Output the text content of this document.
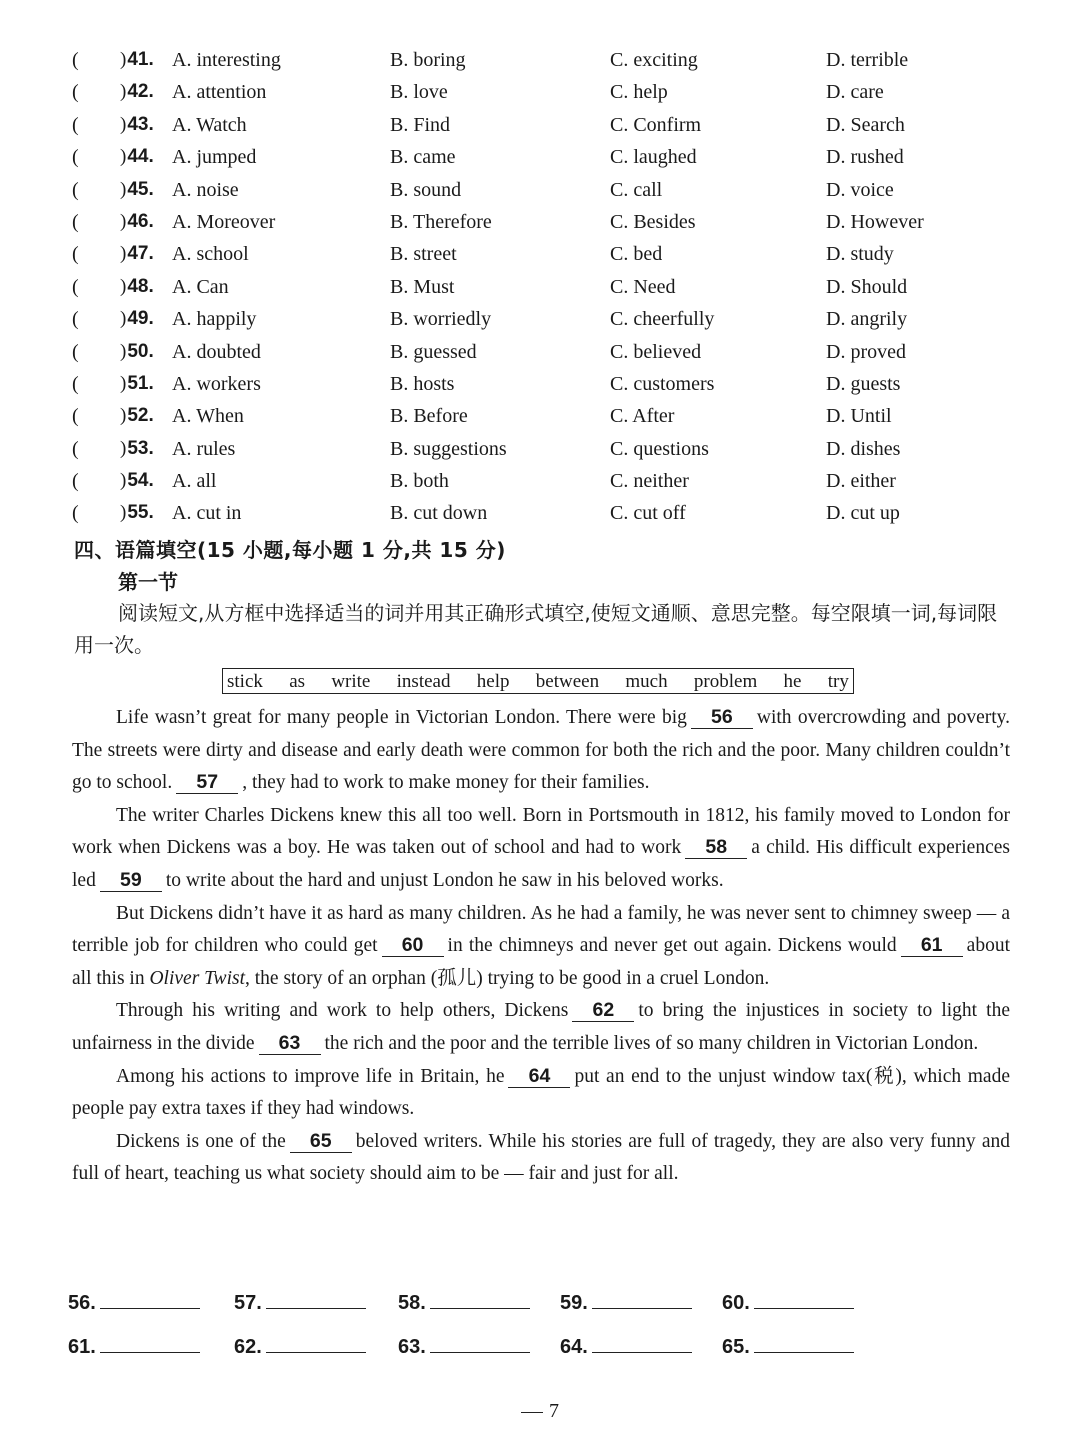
(	) 41. A. interesting	B. boring	C. exciting	D. terrible
(	) 42. A. attention	B. love	C. help	D. care
(	) 43. A. Watch	B. Find	C. Confirm	D. Search
(	) 44. A. jumped	B. came	C. laughed	D. rushed
(	) 45. A. noise	B. sound	C. call	D. voice
(	) 46. A. Moreover	B. Therefore	C. Besides	D. However
(	) 47. A. school	B. street	C. bed	D. study
(	) 48. A. Can	B. Must	C. Need	D. Should
(	) 49. A. happily	B. worriedly	C. cheerfully	D. angrily
(	) 50. A. doubted	B. guessed	C. believed	D. proved
(	) 51. A. workers	B. hosts	C. customers	D. guests
(	) 52. A. When	B. Before	C. After	D. Until
(	) 53. A. rules	B. suggestions	C. questions	D. dishes
(	) 54. A. all	B. both	C. neither	D. either
(	) 55. A. cut in	B. cut down	C. cut off	D. cut up
四、语篇填空(15 小题,每小题 1 分,共 15 分)
第一节
阅读短文,从方框中选择适当的词并用其正确形式填空,使短文通顺、意思完整。每空限填一词,每词限用一次。
stick as write instead help between much problem he try

Life wasn’t great for many people in Victorian London. There were big 56 with overcrowding and poverty. The streets were dirty and disease and early death were common for both the rich and the poor. Many children couldn’t go to school. 57 , they had to work to make money for their families.

The writer Charles Dickens knew this all too well. Born in Portsmouth in 1812, his family moved to London for work when Dickens was a boy. He was taken out of school and had to work 58 a child. His difficult experiences led 59 to write about the hard and unjust London he saw in his beloved works.

But Dickens didn’t have it as hard as many children. As he had a family, he was never sent to chimney sweep — a terrible job for children who could get 60 in the chimneys and never get out again. Dickens would 61 about all this in Oliver Twist, the story of an orphan (孤儿) trying to be good in a cruel London.

Through his writing and work to help others, Dickens 62 to bring the injustices in society to light the unfairness in the divide 63 the rich and the poor and the terrible lives of so many children in Victorian London.

Among his actions to improve life in Britain, he 64 put an end to the unjust window tax(税), which made people pay extra taxes if they had windows.

Dickens is one of the 65 beloved writers. While his stories are full of tragedy, they are also very funny and full of heart, teaching us what society should aim to be — fair and just for all.

56.	57.	58.	59.	60.
61.	62.	63.	64.	65.
7
